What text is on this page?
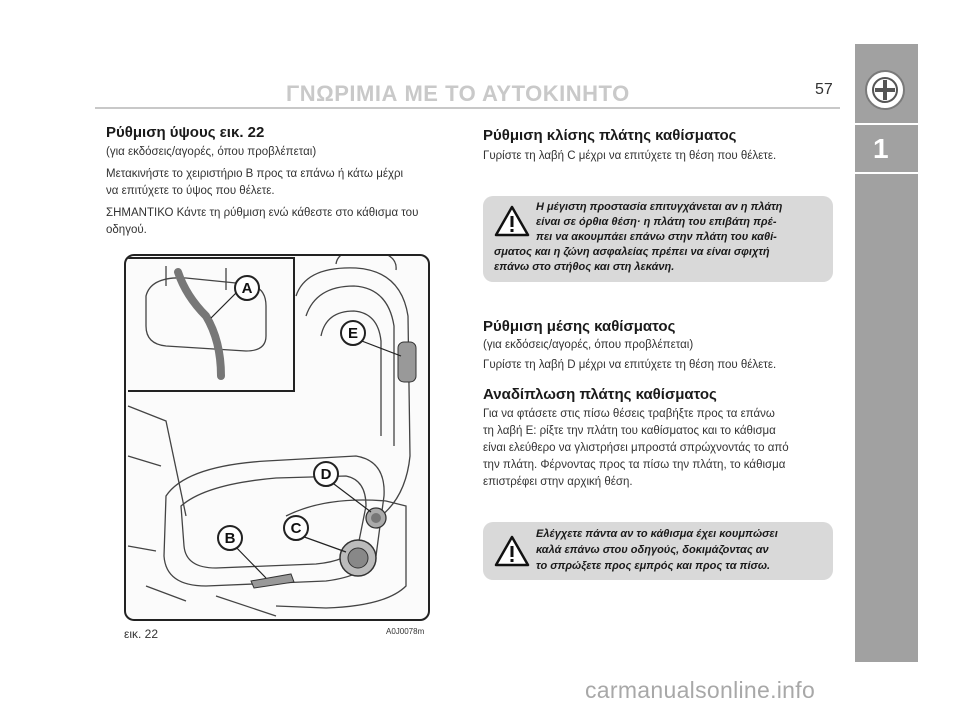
ΓΝΩΡΙΜΙΑ ΜΕ ΤΟ ΑΥΤΟΚΙΝΗΤΟ	57
1
Ρύθμιση ύψους εικ. 22
(για εκδόσεις/αγορές, όπου προβλέπεται)
Μετακινήστε το χειριστήριο B προς τα επάνω ή κάτω μέχρι
να επιτύχετε το ύψος που θέλετε.
ΣΗΜΑΝΤΙΚΟ Κάντε τη ρύθμιση ενώ κάθεστε στο κάθισμα του
οδηγού.
A
B
C
D
E
εικ. 22	A0J0078m
Ρύθμιση κλίσης πλάτης καθίσματος
Γυρίστε τη λαβή C μέχρι να επιτύχετε τη θέση που θέλετε.
Η μέγιστη προστασία επιτυγχάνεται αν η πλάτη
είναι σε όρθια θέση· η πλάτη του επιβάτη πρέ-
πει να ακουμπάει επάνω στην πλάτη του καθί-
σματος και η ζώνη ασφαλείας πρέπει να είναι σφιχτή
επάνω στο στήθος και στη λεκάνη.
Ρύθμιση μέσης καθίσματος
(για εκδόσεις/αγορές, όπου προβλέπεται)
Γυρίστε τη λαβή D μέχρι να επιτύχετε τη θέση που θέλετε.
Αναδίπλωση πλάτης καθίσματος
Για να φτάσετε στις πίσω θέσεις τραβήξτε προς τα επάνω
τη λαβή E: ρίξτε την πλάτη του καθίσματος και το κάθισμα
είναι ελεύθερο να γλιστρήσει μπροστά σπρώχνοντάς το από
την πλάτη. Φέρνοντας προς τα πίσω την πλάτη, το κάθισμα
επιστρέφει στην αρχική θέση.
Ελέγχετε πάντα αν το κάθισμα έχει κουμπώσει
καλά επάνω στου οδηγούς, δοκιμάζοντας αν
το σπρώξετε προς εμπρός και προς τα πίσω.
carmanualsonline.info
